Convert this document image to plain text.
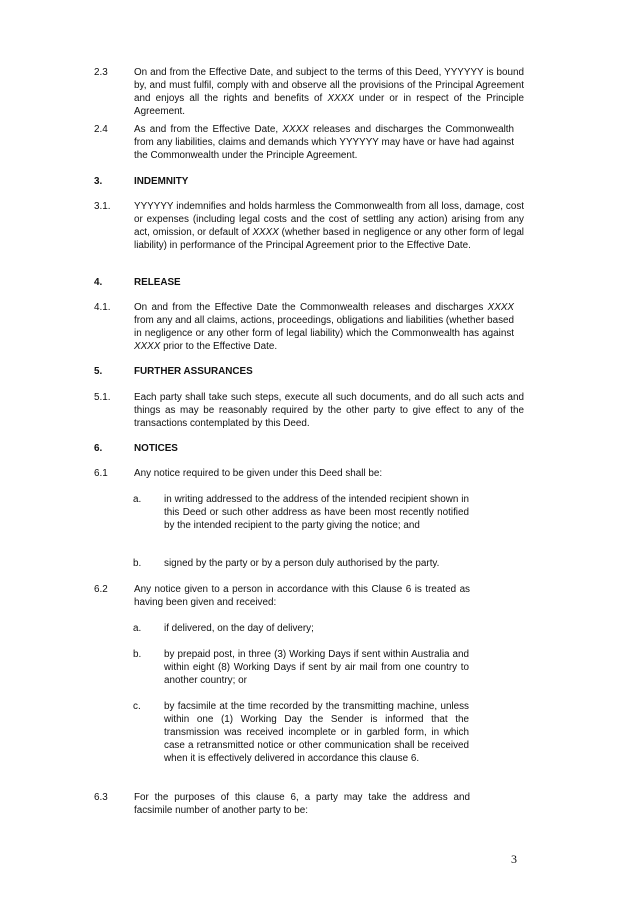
2.3	On and from the Effective Date, and subject to the terms of this Deed, YYYYYY is bound by, and must fulfil, comply with and observe all the provisions of the Principal Agreement and enjoys all the rights and benefits of XXXX under or in respect of the Principle Agreement.
2.4	As and from the Effective Date, XXXX releases and discharges the Commonwealth from any liabilities, claims and demands which YYYYYY may have or have had against the Commonwealth under the Principle Agreement.
3.	INDEMNITY
3.1. YYYYYY indemnifies and holds harmless the Commonwealth from all loss, damage, cost or expenses (including legal costs and the cost of settling any action) arising from any act, omission, or default of XXXX (whether based in negligence or any other form of legal liability) in performance of the Principal Agreement prior to the Effective Date.
4.	RELEASE
4.1. On and from the Effective Date the Commonwealth releases and discharges XXXX from any and all claims, actions, proceedings, obligations and liabilities (whether based in negligence or any other form of legal liability) which the Commonwealth has against XXXX prior to the Effective Date.
5.	FURTHER ASSURANCES
5.1. Each party shall take such steps, execute all such documents, and do all such acts and things as may be reasonably required by the other party to give effect to any of the transactions contemplated by this Deed.
6.	NOTICES
6.1	Any notice required to be given under this Deed shall be:
a. in writing addressed to the address of the intended recipient shown in this Deed or such other address as have been most recently notified by the intended recipient to the party giving the notice; and
b. signed by the party or by a person duly authorised by the party.
6.2	Any notice given to a person in accordance with this Clause 6 is treated as having been given and received:
a. if delivered, on the day of delivery;
b. by prepaid post, in three (3) Working Days if sent within Australia and within eight (8) Working Days if sent by air mail from one country to another country; or
c. by facsimile at the time recorded by the transmitting machine, unless within one (1) Working Day the Sender is informed that the transmission was received incomplete or in garbled form, in which case a retransmitted notice or other communication shall be received when it is effectively delivered in accordance this clause 6.
6.3	For the purposes of this clause 6, a party may take the address and facsimile number of another party to be:
3
